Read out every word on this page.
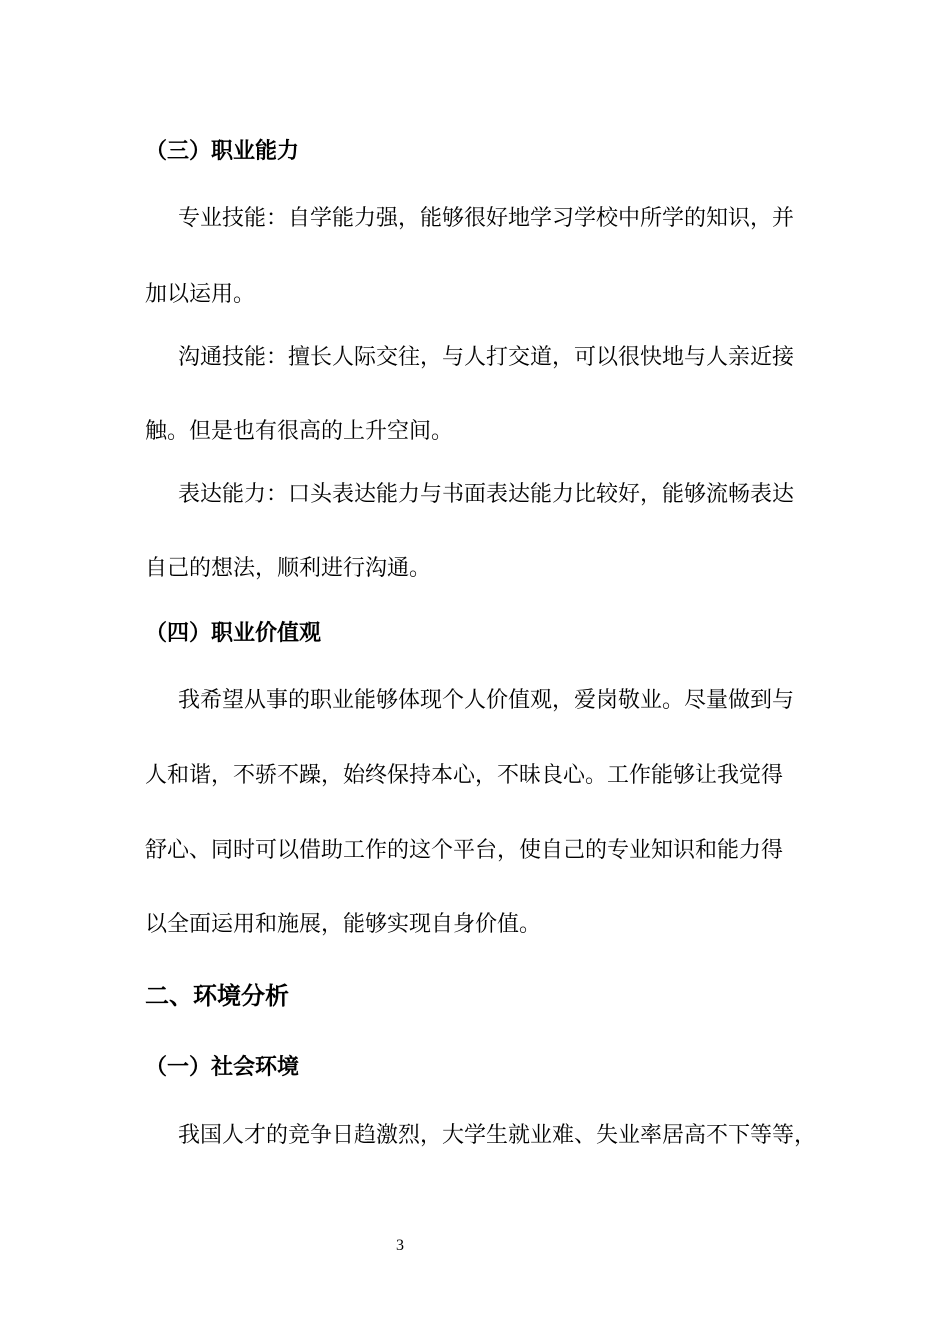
（三）职业能力
专业技能：自学能力强，能够很好地学习学校中所学的知识，并
加以运用。
沟通技能：擅长人际交往，与人打交道，可以很快地与人亲近接
触。但是也有很高的上升空间。
表达能力：口头表达能力与书面表达能力比较好，能够流畅表达
自己的想法，顺利进行沟通。
（四）职业价值观
我希望从事的职业能够体现个人价值观，爱岗敬业。尽量做到与
人和谐，不骄不躁，始终保持本心，不昧良心。工作能够让我觉得
舒心、同时可以借助工作的这个平台，使自己的专业知识和能力得
以全面运用和施展，能够实现自身价值。
二、环境分析
（一）社会环境
我国人才的竞争日趋激烈，大学生就业难、失业率居高不下等等，
3
